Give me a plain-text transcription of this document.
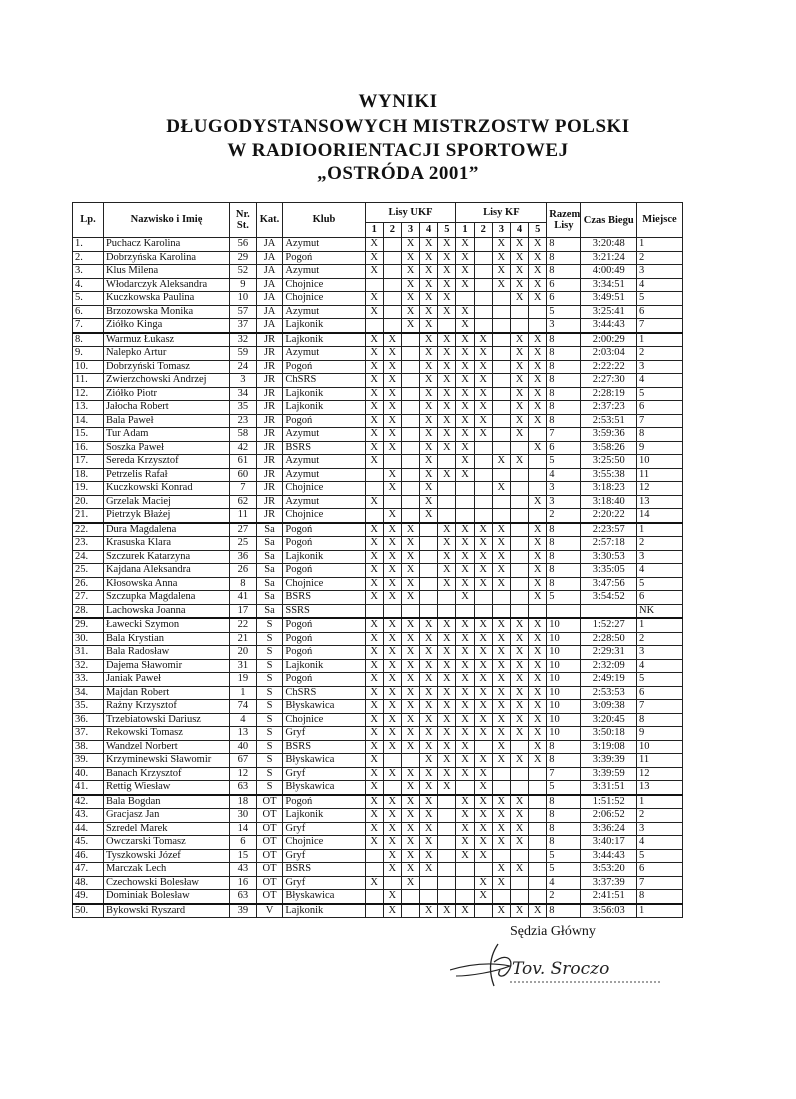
WYNIKI
DŁUGODYSTANSOWYCH MISTRZOSTW POLSKI
W RADIOORIENTACJI SPORTOWEJ
„OSTRÓDA 2001”
Lp.	Nazwisko i Imię	Nr. St.	Kat.	Klub	Lisy UKF					Lisy KF					Razem Lisy	Czas Biegu	Miejsce
					1	2	3	4	5	1	2	3	4	5			
1.	Puchacz Karolina	56	JA	Azymut	X		X	X	X	X		X	X	X	8	3:20:48	1
2.	Dobrzyńska Karolina	29	JA	Pogoń	X		X	X	X	X		X	X	X	8	3:21:24	2
3.	Klus Milena	52	JA	Azymut	X		X	X	X	X		X	X	X	8	4:00:49	3
4.	Włodarczyk Aleksandra	9	JA	Chojnice			X	X	X	X		X	X	X	6	3:34:51	4
5.	Kuczkowska Paulina	10	JA	Chojnice	X		X	X	X				X	X	6	3:49:51	5
6.	Brzozowska Monika	57	JA	Azymut	X		X	X	X	X					5	3:25:41	6
7.	Ziółko Kinga	37	JA	Lajkonik			X	X		X					3	3:44:43	7
8.	Warmuz Łukasz	32	JR	Lajkonik	X	X		X	X	X	X		X	X	8	2:00:29	1
9.	Nalepko Artur	59	JR	Azymut	X	X		X	X	X	X		X	X	8	2:03:04	2
10.	Dobrzyński Tomasz	24	JR	Pogoń	X	X		X	X	X	X		X	X	8	2:22:22	3
11.	Zwierzchowski Andrzej	3	JR	ChSRS	X	X		X	X	X	X		X	X	8	2:27:30	4
12.	Ziółko Piotr	34	JR	Lajkonik	X	X		X	X	X	X		X	X	8	2:28:19	5
13.	Jałocha Robert	35	JR	Lajkonik	X	X		X	X	X	X		X	X	8	2:37:23	6
14.	Bala Paweł	23	JR	Pogoń	X	X		X	X	X	X		X	X	8	2:53:51	7
15.	Tur Adam	58	JR	Azymut	X	X		X	X	X	X		X		7	3:59:36	8
16.	Soszka Paweł	42	JR	BSRS	X	X		X	X	X				X	6	3:58:26	9
17.	Sereda Krzysztof	61	JR	Azymut	X			X		X		X	X		5	3:25:50	10
18.	Petrzelis Rafał	60	JR	Azymut		X		X	X	X					4	3:55:38	11
19.	Kuczkowski Konrad	7	JR	Chojnice		X		X				X			3	3:18:23	12
20.	Grzelak Maciej	62	JR	Azymut	X			X						X	3	3:18:40	13
21.	Pietrzyk Błażej	11	JR	Chojnice		X		X							2	2:20:22	14
22.	Dura Magdalena	27	Sa	Pogoń	X	X	X		X	X	X	X		X	8	2:23:57	1
23.	Krasuska Klara	25	Sa	Pogoń	X	X	X		X	X	X	X		X	8	2:57:18	2
24.	Szczurek Katarzyna	36	Sa	Lajkonik	X	X	X		X	X	X	X		X	8	3:30:53	3
25.	Kajdana Aleksandra	26	Sa	Pogoń	X	X	X		X	X	X	X		X	8	3:35:05	4
26.	Kłosowska Anna	8	Sa	Chojnice	X	X	X		X	X	X	X		X	8	3:47:56	5
27.	Szczupka Magdalena	41	Sa	BSRS	X	X	X			X				X	5	3:54:52	6
28.	Lachowska Joanna	17	Sa	SSRS													NK
29.	Ławecki Szymon	22	S	Pogoń	X	X	X	X	X	X	X	X	X	X	10	1:52:27	1
30.	Bala Krystian	21	S	Pogoń	X	X	X	X	X	X	X	X	X	X	10	2:28:50	2
31.	Bala Radosław	20	S	Pogoń	X	X	X	X	X	X	X	X	X	X	10	2:29:31	3
32.	Dajema Sławomir	31	S	Lajkonik	X	X	X	X	X	X	X	X	X	X	10	2:32:09	4
33.	Janiak Paweł	19	S	Pogoń	X	X	X	X	X	X	X	X	X	X	10	2:49:19	5
34.	Majdan Robert	1	S	ChSRS	X	X	X	X	X	X	X	X	X	X	10	2:53:53	6
35.	Rażny Krzysztof	74	S	Błyskawica	X	X	X	X	X	X	X	X	X	X	10	3:09:38	7
36.	Trzebiatowski Dariusz	4	S	Chojnice	X	X	X	X	X	X	X	X	X	X	10	3:20:45	8
37.	Rekowski Tomasz	13	S	Gryf	X	X	X	X	X	X	X	X	X	X	10	3:50:18	9
38.	Wandzel Norbert	40	S	BSRS	X	X	X	X	X	X		X		X	8	3:19:08	10
39.	Krzyminewski Sławomir	67	S	Błyskawica	X			X	X	X	X	X	X	X	8	3:39:39	11
40.	Banach Krzysztof	12	S	Gryf	X	X	X	X	X	X	X				7	3:39:59	12
41.	Rettig Wiesław	63	S	Błyskawica	X		X	X	X		X				5	3:31:51	13
42.	Bala Bogdan	18	OT	Pogoń	X	X	X	X		X	X	X	X		8	1:51:52	1
43.	Gracjasz Jan	30	OT	Lajkonik	X	X	X	X		X	X	X	X		8	2:06:52	2
44.	Szredel Marek	14	OT	Gryf	X	X	X	X		X	X	X	X		8	3:36:24	3
45.	Owczarski Tomasz	6	OT	Chojnice	X	X	X	X		X	X	X	X		8	3:40:17	4
46.	Tyszkowski Józef	15	OT	Gryf		X	X	X		X	X				5	3:44:43	5
47.	Marczak Lech	43	OT	BSRS		X	X	X				X	X		5	3:53:20	6
48.	Czechowski Bolesław	16	OT	Gryf	X		X				X	X			4	3:37:39	7
49.	Dominiak Bolesław	63	OT	Błyskawica		X					X				2	2:41:51	8
50.	Bykowski Ryszard	39	V	Lajkonik		X		X	X	X		X	X	X	8	3:56:03	1
Sędzia Główny
Tov. Sroczo
